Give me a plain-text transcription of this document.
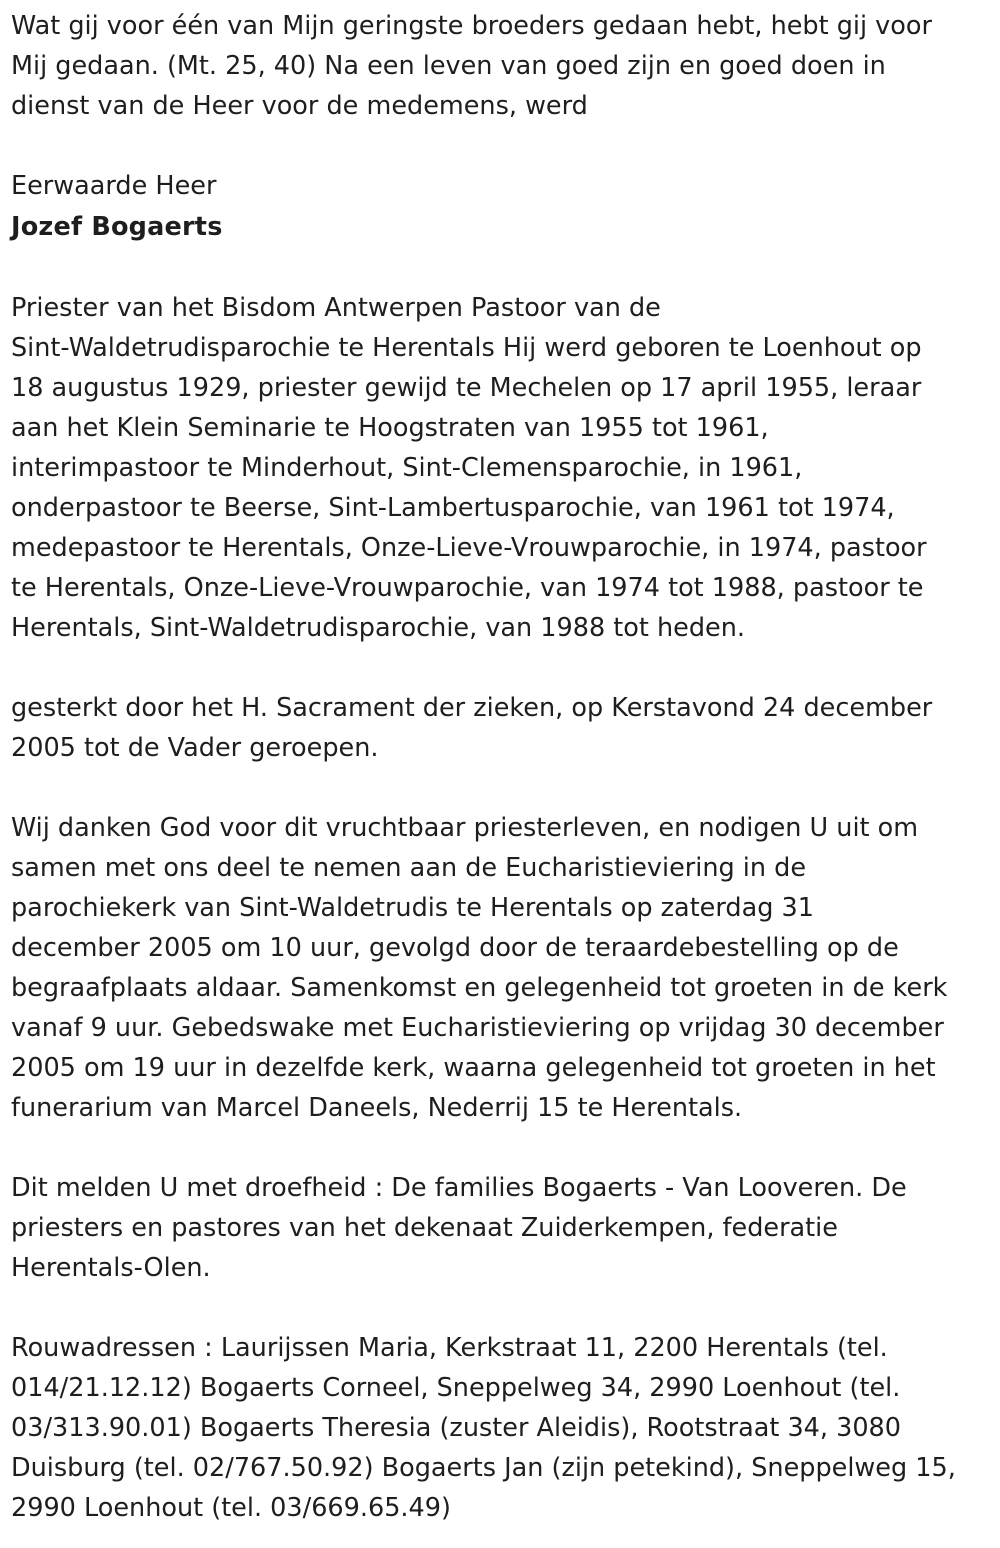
Wat gij voor één van Mijn geringste broeders gedaan hebt, hebt gij voor
Mij gedaan. (Mt. 25, 40) Na een leven van goed zijn en goed doen in
dienst van de Heer voor de medemens, werd

Eerwaarde Heer

Jozef Bogaerts

Priester van het Bisdom Antwerpen Pastoor van de
Sint-Waldetrudisparochie te Herentals Hij werd geboren te Loenhout op
18 augustus 1929, priester gewijd te Mechelen op 17 april 1955, leraar
aan het Klein Seminarie te Hoogstraten van 1955 tot 1961,
interimpastoor te Minderhout, Sint-Clemensparochie, in 1961,
onderpastoor te Beerse, Sint-Lambertusparochie, van 1961 tot 1974,
medepastoor te Herentals, Onze-Lieve-Vrouwparochie, in 1974, pastoor
te Herentals, Onze-Lieve-Vrouwparochie, van 1974 tot 1988, pastoor te
Herentals, Sint-Waldetrudisparochie, van 1988 tot heden.

gesterkt door het H. Sacrament der zieken, op Kerstavond 24 december
2005 tot de Vader geroepen.

Wij danken God voor dit vruchtbaar priesterleven, en nodigen U uit om
samen met ons deel te nemen aan de Eucharistieviering in de
parochiekerk van Sint-Waldetrudis te Herentals op zaterdag 31
december 2005 om 10 uur, gevolgd door de teraardebestelling op de
begraafplaats aldaar. Samenkomst en gelegenheid tot groeten in de kerk
vanaf 9 uur. Gebedswake met Eucharistieviering op vrijdag 30 december
2005 om 19 uur in dezelfde kerk, waarna gelegenheid tot groeten in het
funerarium van Marcel Daneels, Nederrij 15 te Herentals.

Dit melden U met droefheid : De families Bogaerts - Van Looveren. De
priesters en pastores van het dekenaat Zuiderkempen, federatie
Herentals-Olen.

Rouwadressen : Laurijssen Maria, Kerkstraat 11, 2200 Herentals (tel.
014/21.12.12) Bogaerts Corneel, Sneppelweg 34, 2990 Loenhout (tel.
03/313.90.01) Bogaerts Theresia (zuster Aleidis), Rootstraat 34, 3080
Duisburg (tel. 02/767.50.92) Bogaerts Jan (zijn petekind), Sneppelweg 15,
2990 Loenhout (tel. 03/669.65.49)
